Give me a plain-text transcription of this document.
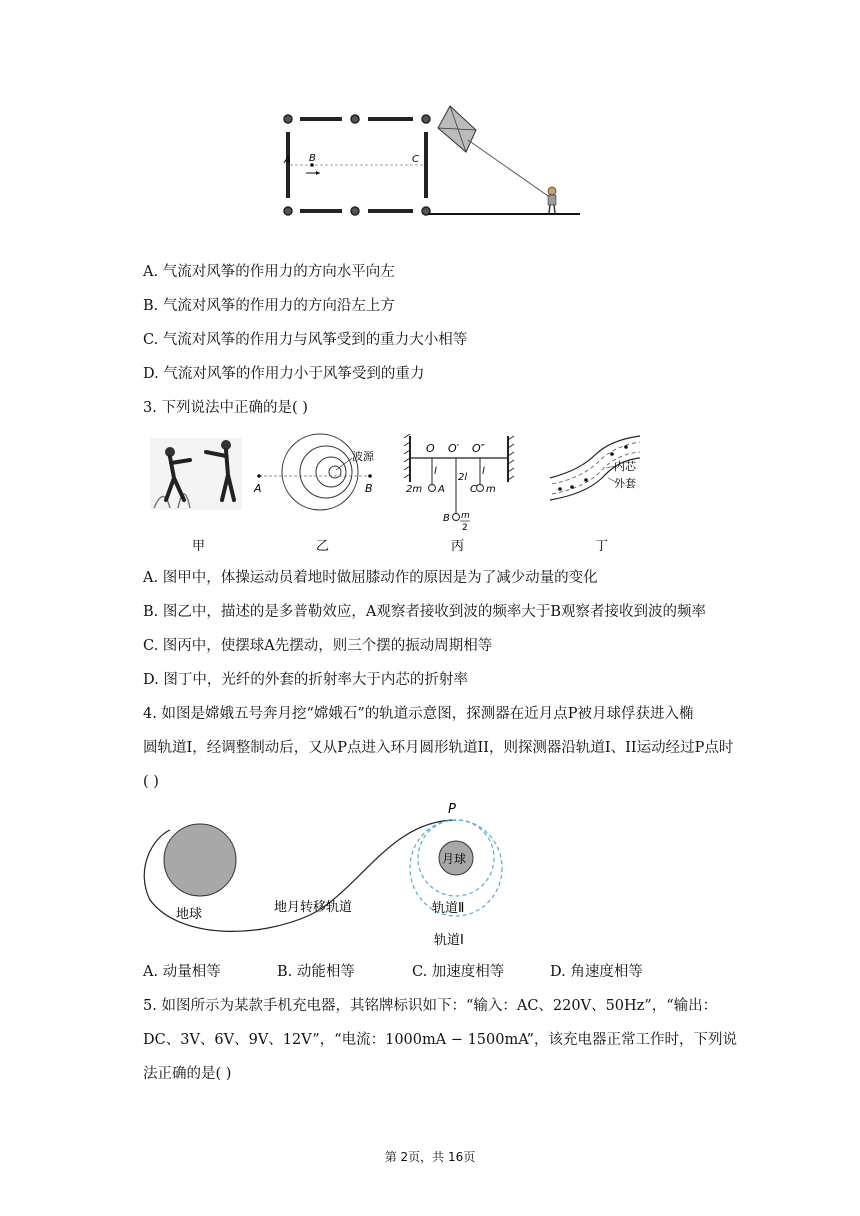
A B	C
A. 气流对风筝的作用力的方向水平向左
B. 气流对风筝的作用力的方向沿左上方
C. 气流对风筝的作用力与风筝受到的重力大小相等
D. 气流对风筝的作用力小于风筝受到的重力
3. 下列说法中正确的是( )
甲
波源
A	B
乙
O O′ O″
l
2l
l
2m A	C m
B m
2
丙
内芯
外套
丁
A. 图甲中，体操运动员着地时做屈膝动作的原因是为了减少动量的变化
B. 图乙中，描述的是多普勒效应，A观察者接收到波的频率大于B观察者接收到波的频率
C. 图丙中，使摆球A先摆动，则三个摆的振动周期相等
D. 图丁中，光纤的外套的折射率大于内芯的折射率
4. 如图是嫦娥五号奔月挖“嫦娥石”的轨道示意图，探测器在近月点P被月球俘获进入椭
圆轨道I，经调整制动后，又从P点进入环月圆形轨道II，则探测器沿轨道I、II运动经过P点时
( )
P
月球
地球	地月转移轨道	轨道Ⅱ
轨道Ⅰ
A. 动量相等	B. 动能相等	C. 加速度相等	D. 角速度相等
5. 如图所示为某款手机充电器，其铭牌标识如下：“输入：AC、220V、50Hz”，“输出：
DC、3V、6V、9V、12V”，“电流：1000mA − 1500mA”，该充电器正常工作时，下列说
法正确的是( )
第 2页，共 16页
